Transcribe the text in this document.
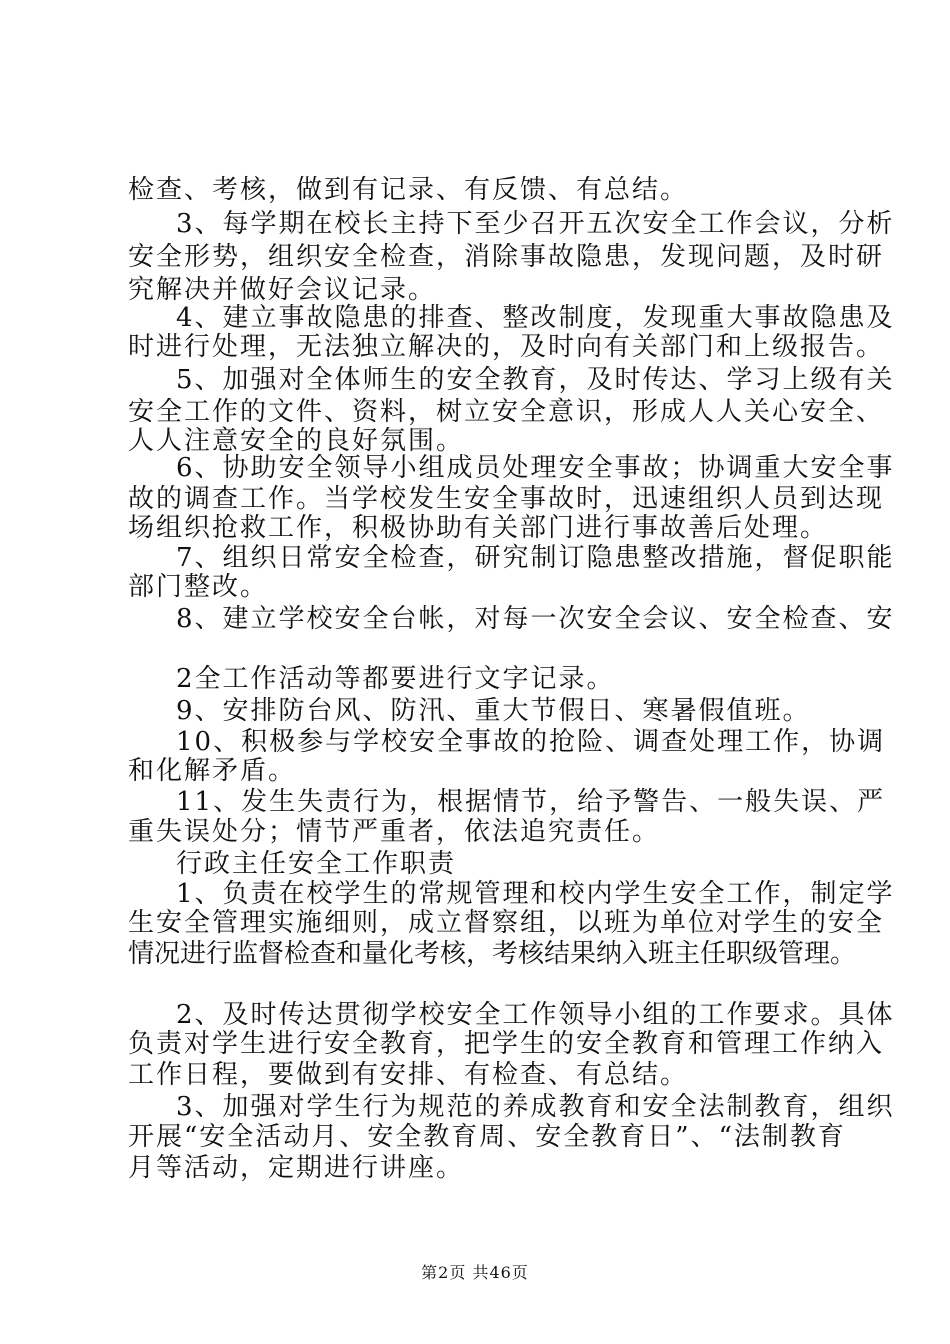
检查、考核，做到有记录、有反馈、有总结。
3、每学期在校长主持下至少召开五次安全工作会议，分析
安全形势，组织安全检查，消除事故隐患，发现问题，及时研
究解决并做好会议记录。
4、建立事故隐患的排查、整改制度，发现重大事故隐患及
时进行处理，无法独立解决的，及时向有关部门和上级报告。
5、加强对全体师生的安全教育，及时传达、学习上级有关
安全工作的文件、资料，树立安全意识，形成人人关心安全、
人人注意安全的良好氛围。
6、协助安全领导小组成员处理安全事故；协调重大安全事
故的调查工作。当学校发生安全事故时，迅速组织人员到达现
场组织抢救工作，积极协助有关部门进行事故善后处理。
7、组织日常安全检查，研究制订隐患整改措施，督促职能
部门整改。
8、建立学校安全台帐，对每一次安全会议、安全检查、安
2全工作活动等都要进行文字记录。
9、安排防台风、防汛、重大节假日、寒暑假值班。
10、积极参与学校安全事故的抢险、调查处理工作，协调
和化解矛盾。
11、发生失责行为，根据情节，给予警告、一般失误、严
重失误处分；情节严重者，依法追究责任。
行政主任安全工作职责
1、负责在校学生的常规管理和校内学生安全工作，制定学
生安全管理实施细则，成立督察组，以班为单位对学生的安全
情况进行监督检查和量化考核，考核结果纳入班主任职级管理。
2、及时传达贯彻学校安全工作领导小组的工作要求。具体
负责对学生进行安全教育，把学生的安全教育和管理工作纳入
工作日程，要做到有安排、有检查、有总结。
3、加强对学生行为规范的养成教育和安全法制教育，组织
开展“安全活动月、安全教育周、安全教育日”、“法制教育
月等活动，定期进行讲座。
第2页 共46页
